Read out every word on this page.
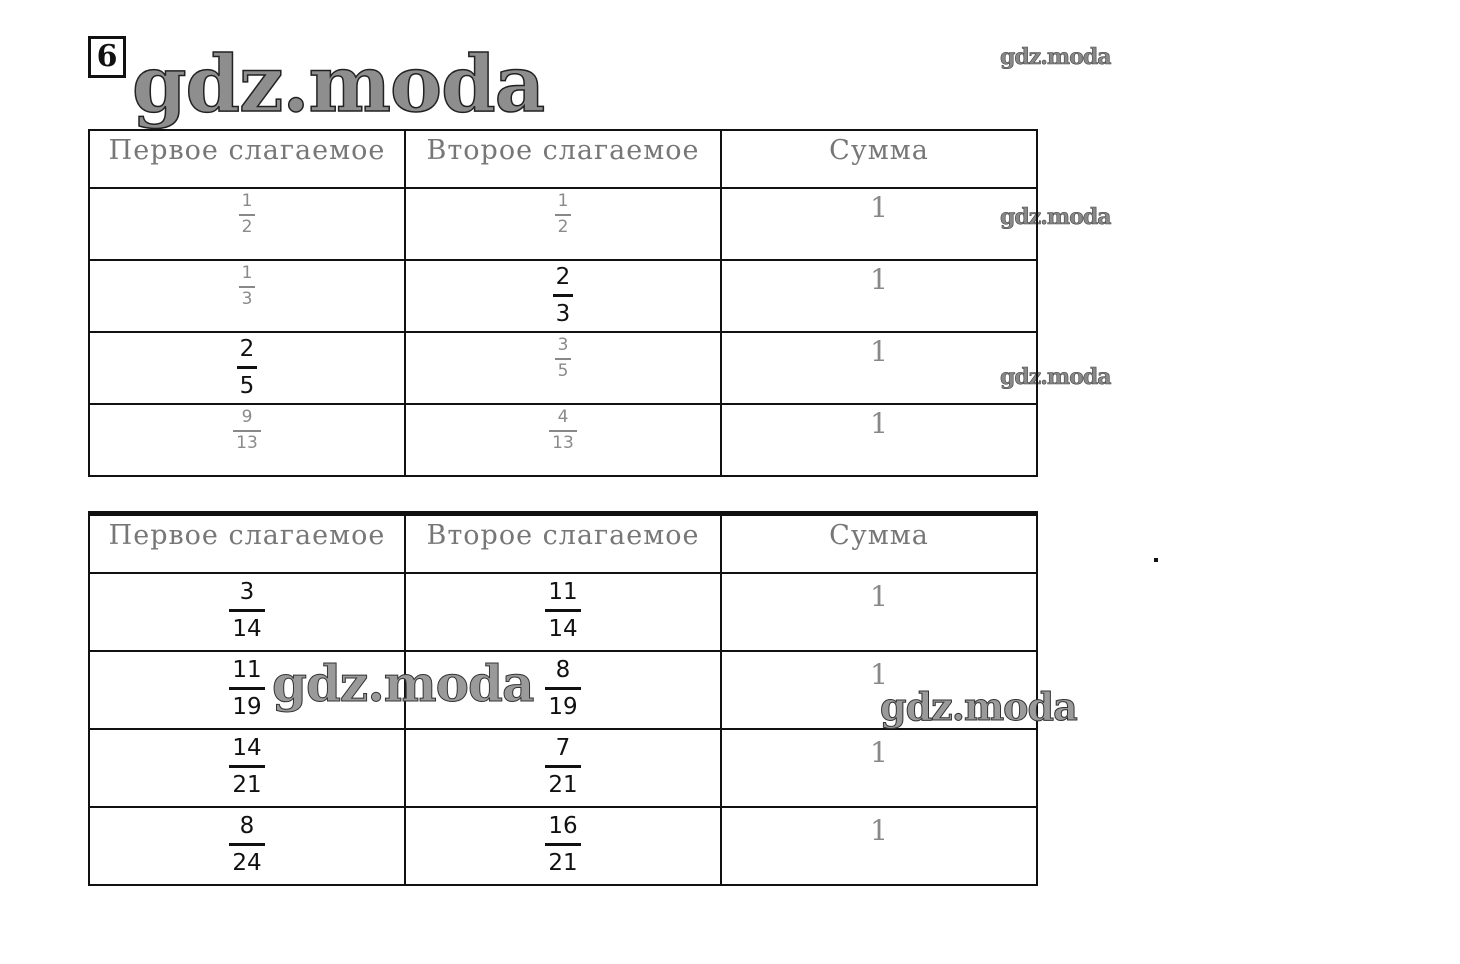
6 gdz.moda	gdz.moda
gdz.moda
gdz.moda
Первое слагаемое	Второе слагаемое	Сумма

$\frac{1}{2}$	$\frac{1}{2}$	1

$\frac{1}{3}$	$\frac{2}{3}$	1

$\frac{2}{5}$	$\frac{3}{5}$	1

$\frac{9}{13}$	$\frac{4}{13}$	1
Первое слагаемое	Второе слагаемое	Сумма

$\frac{3}{14}$	$\frac{11}{14}$	1

$\frac{11}{19}$	$\frac{8}{19}$	1

$\frac{14}{21}$	$\frac{7}{21}$	1

$\frac{8}{24}$	$\frac{16}{21}$	1
gdz.moda	gdz.moda
